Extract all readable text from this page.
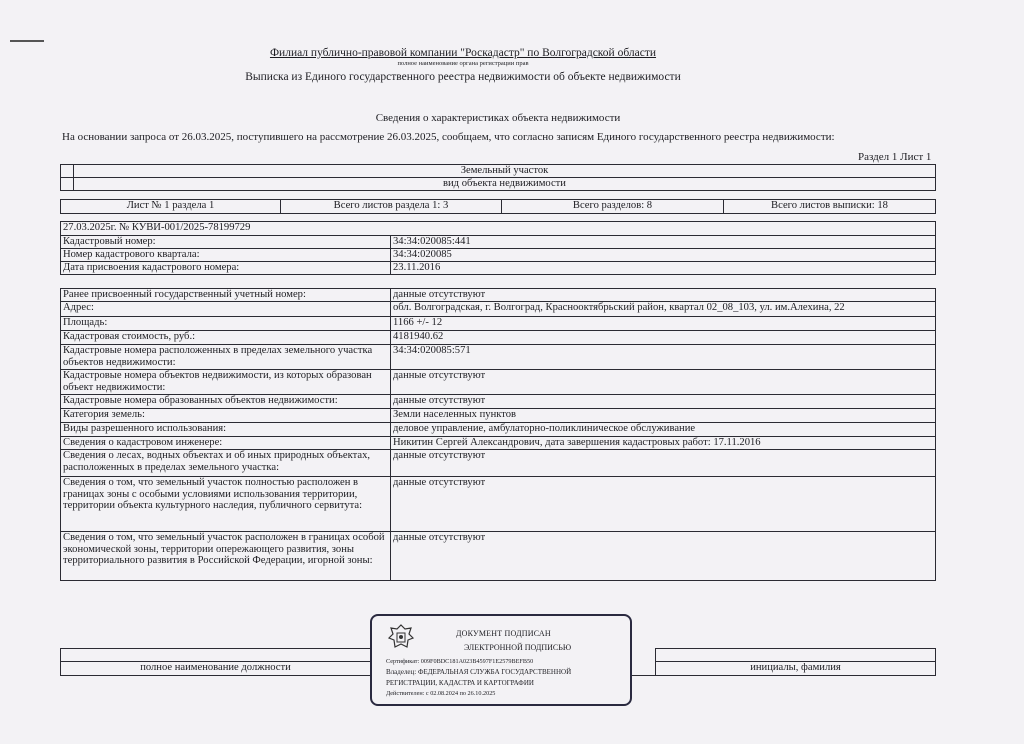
Филиал публично-правовой компании "Роскадастр" по Волгоградской области
полное наименование органа регистрации прав
Выписка из Единого государственного реестра недвижимости об объекте недвижимости
Сведения о характеристиках объекта недвижимости
На основании запроса от 26.03.2025, поступившего на рассмотрение 26.03.2025, сообщаем, что согласно записям Единого государственного реестра недвижимости:
Раздел 1 Лист 1
	Земельный участок
	вид объекта недвижимости
Лист № 1 раздела 1	Всего листов раздела 1: 3	Всего разделов: 8	Всего листов выписки: 18
27.03.2025г. № КУВИ-001/2025-78199729	
Кадастровый номер:	34:34:020085:441
Номер кадастрового квартала:	34:34:020085
Дата присвоения кадастрового номера:	23.11.2016
Ранее присвоенный государственный учетный номер:	данные отсутствуют
Адрес:	обл. Волгоградская, г. Волгоград, Краснооктябрьский район, квартал 02_08_103, ул. им.Алехина, 22
Площадь:	1166 +/- 12
Кадастровая стоимость, руб.:	4181940.62
Кадастровые номера расположенных в пределах земельного участка объектов недвижимости:	34:34:020085:571
Кадастровые номера объектов недвижимости, из которых образован объект недвижимости:	данные отсутствуют
Кадастровые номера образованных объектов недвижимости:	данные отсутствуют
Категория земель:	Земли населенных пунктов
Виды разрешенного использования:	деловое управление, амбулаторно-поликлиническое обслуживание
Сведения о кадастровом инженере:	Никитин Сергей Александрович, дата завершения кадастровых работ: 17.11.2016
Сведения о лесах, водных объектах и об иных природных объектах, расположенных в пределах земельного участка:	данные отсутствуют
Сведения о том, что земельный участок полностью расположен в границах зоны с особыми условиями использования территории, территории объекта культурного наследия, публичного сервитута:	данные отсутствуют
Сведения о том, что земельный участок расположен в границах особой экономической зоны, территории опережающего развития, зоны территориального развития в Российской Федерации, игорной зоны:	данные отсутствуют

полное наименование должности		инициалы, фамилия
ДОКУМЕНТ ПОДПИСАН
ЭЛЕКТРОННОЙ ПОДПИСЬЮ
Сертификат: 009F0BDC181A023B4597F1E2579BEFB50
Владелец: ФЕДЕРАЛЬНАЯ СЛУЖБА ГОСУДАРСТВЕННОЙ
РЕГИСТРАЦИИ, КАДАСТРА И КАРТОГРАФИИ
Действителен: с 02.08.2024 по 26.10.2025
